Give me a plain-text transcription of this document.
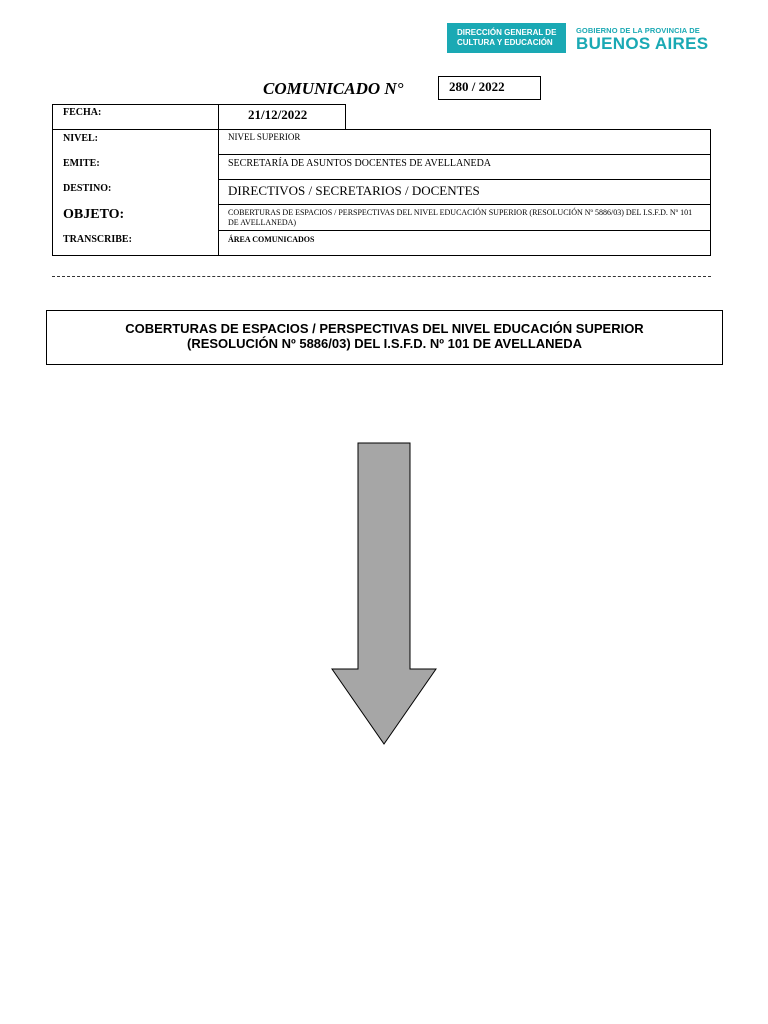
DIRECCIÓN GENERAL DE
CULTURA Y EDUCACIÓN
GOBIERNO DE LA PROVINCIA DE
BUENOS AIRES
COMUNICADO N°	280 / 2022
FECHA:	21/12/2022
NIVEL:	NIVEL SUPERIOR
EMITE:	SECRETARÍA DE ASUNTOS DOCENTES DE AVELLANEDA
DESTINO:	DIRECTIVOS / SECRETARIOS / DOCENTES
OBJETO:	COBERTURAS DE ESPACIOS / PERSPECTIVAS DEL NIVEL EDUCACIÓN SUPERIOR (RESOLUCIÓN Nº 5886/03) DEL I.S.F.D. Nº 101 DE AVELLANEDA)
TRANSCRIBE:	ÁREA COMUNICADOS
COBERTURAS DE ESPACIOS / PERSPECTIVAS DEL NIVEL EDUCACIÓN SUPERIOR
(RESOLUCIÓN Nº 5886/03) DEL I.S.F.D. Nº 101 DE AVELLANEDA
